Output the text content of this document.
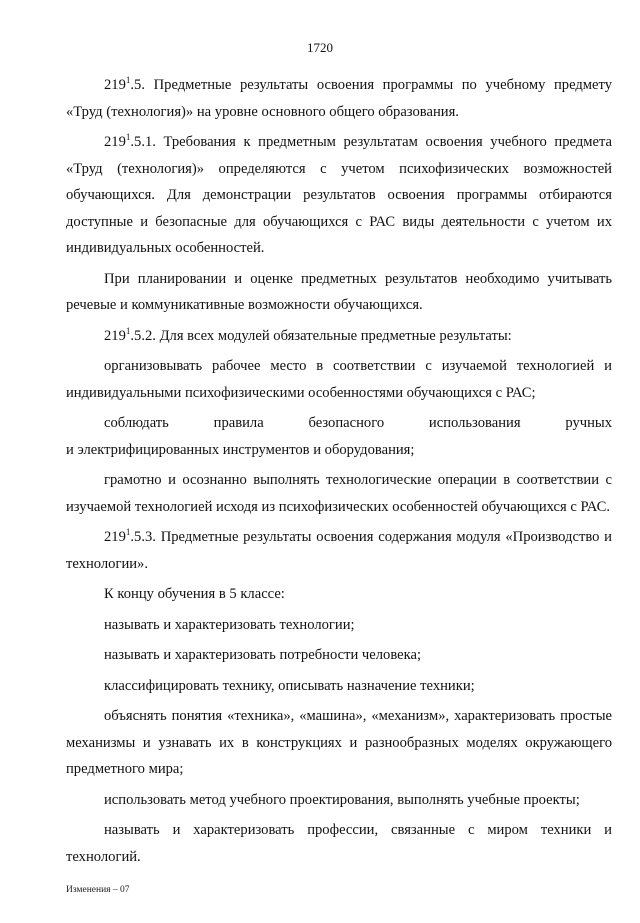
1720

$219^1.5$. Предметные результаты освоения программы по учебному предмету «Труд (технология)» на уровне основного общего образования.

$219^1.5.1$. Требования к предметным результатам освоения учебного предмета «Труд (технология)» определяются с учетом психофизических возможностей обучающихся. Для демонстрации результатов освоения программы отбираются доступные и безопасные для обучающихся с РАС виды деятельности с учетом их индивидуальных особенностей.

При планировании и оценке предметных результатов необходимо учитывать речевые и коммуникативные возможности обучающихся.

$219^1.5.2$. Для всех модулей обязательные предметные результаты:

организовывать рабочее место в соответствии с изучаемой технологией и индивидуальными психофизическими особенностями обучающихся с РАС;

соблюдать правила безопасного использования ручных

и электрифицированных инструментов и оборудования;

грамотно и осознанно выполнять технологические операции в соответствии с изучаемой технологией исходя из психофизических особенностей обучающихся с РАС.

$219^1.5.3$. Предметные результаты освоения содержания модуля «Производство и технологии».

К концу обучения в 5 классе:

называть и характеризовать технологии;

называть и характеризовать потребности человека;

классифицировать технику, описывать назначение техники;

объяснять понятия «техника», «машина», «механизм», характеризовать простые механизмы и узнавать их в конструкциях и разнообразных моделях окружающего предметного мира;

использовать метод учебного проектирования, выполнять учебные проекты;

называть и характеризовать профессии, связанные с миром техники и технологий.

Изменения – 07
